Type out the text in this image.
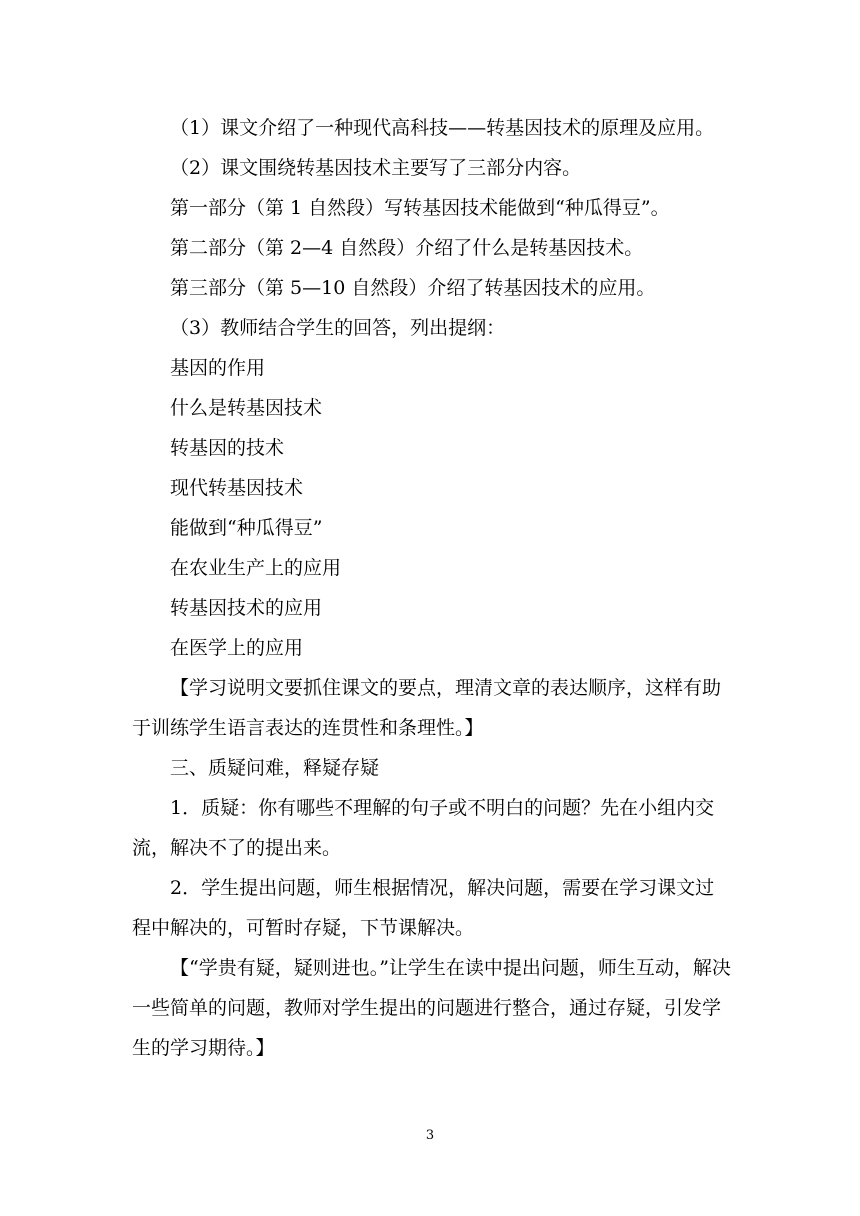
（1）课文介绍了一种现代高科技——转基因技术的原理及应用。

（2）课文围绕转基因技术主要写了三部分内容。

第一部分（第 1 自然段）写转基因技术能做到“种瓜得豆”。

第二部分（第 2—4 自然段）介绍了什么是转基因技术。

第三部分（第 5—10 自然段）介绍了转基因技术的应用。

（3）教师结合学生的回答，列出提纲：

基因的作用

什么是转基因技术

转基因的技术

现代转基因技术

能做到“种瓜得豆”

在农业生产上的应用

转基因技术的应用

在医学上的应用

【学习说明文要抓住课文的要点，理清文章的表达顺序，这样有助于训练学生语言表达的连贯性和条理性。】

三、质疑问难，释疑存疑

1．质疑：你有哪些不理解的句子或不明白的问题？先在小组内交流，解决不了的提出来。

2．学生提出问题，师生根据情况，解决问题，需要在学习课文过程中解决的，可暂时存疑，下节课解决。

【“学贵有疑，疑则进也。”让学生在读中提出问题，师生互动，解决一些简单的问题，教师对学生提出的问题进行整合，通过存疑，引发学生的学习期待。】

3
